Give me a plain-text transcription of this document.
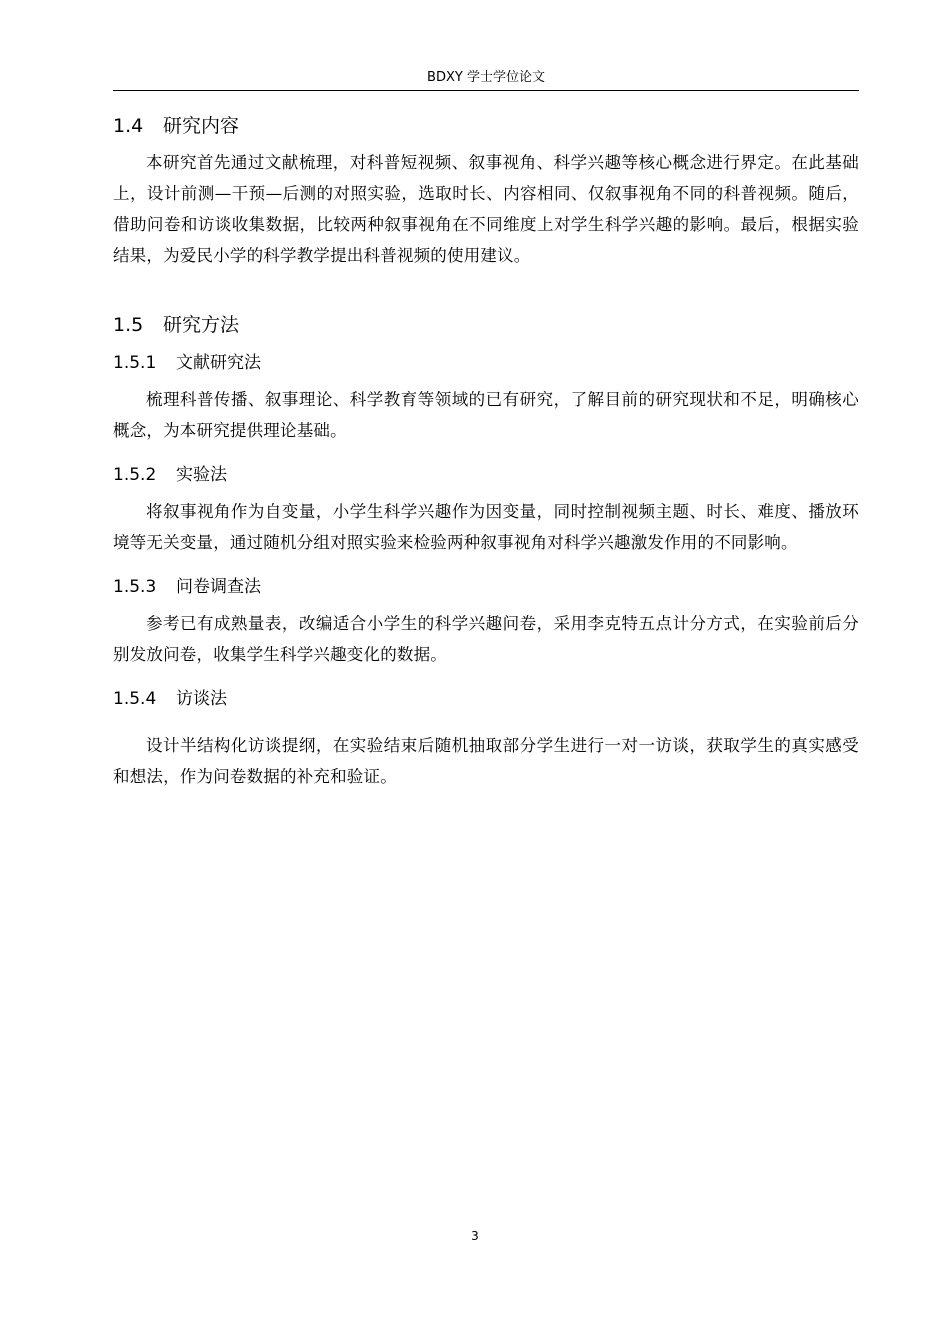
BDXY 学士学位论文
1.4 研究内容

本研究首先通过文献梳理，对科普短视频、叙事视角、科学兴趣等核心概念进行界定。在此基础上，设计前测—干预—后测的对照实验，选取时长、内容相同、仅叙事视角不同的科普视频。随后，借助问卷和访谈收集数据，比较两种叙事视角在不同维度上对学生科学兴趣的影响。最后，根据实验结果，为爱民小学的科学教学提出科普视频的使用建议。

1.5 研究方法
1.5.1 文献研究法

梳理科普传播、叙事理论、科学教育等领域的已有研究，了解目前的研究现状和不足，明确核心概念，为本研究提供理论基础。

1.5.2 实验法

将叙事视角作为自变量，小学生科学兴趣作为因变量，同时控制视频主题、时长、难度、播放环境等无关变量，通过随机分组对照实验来检验两种叙事视角对科学兴趣激发作用的不同影响。

1.5.3 问卷调查法

参考已有成熟量表，改编适合小学生的科学兴趣问卷，采用李克特五点计分方式，在实验前后分别发放问卷，收集学生科学兴趣变化的数据。

1.5.4 访谈法

设计半结构化访谈提纲，在实验结束后随机抽取部分学生进行一对一访谈，获取学生的真实感受和想法，作为问卷数据的补充和验证。

3
